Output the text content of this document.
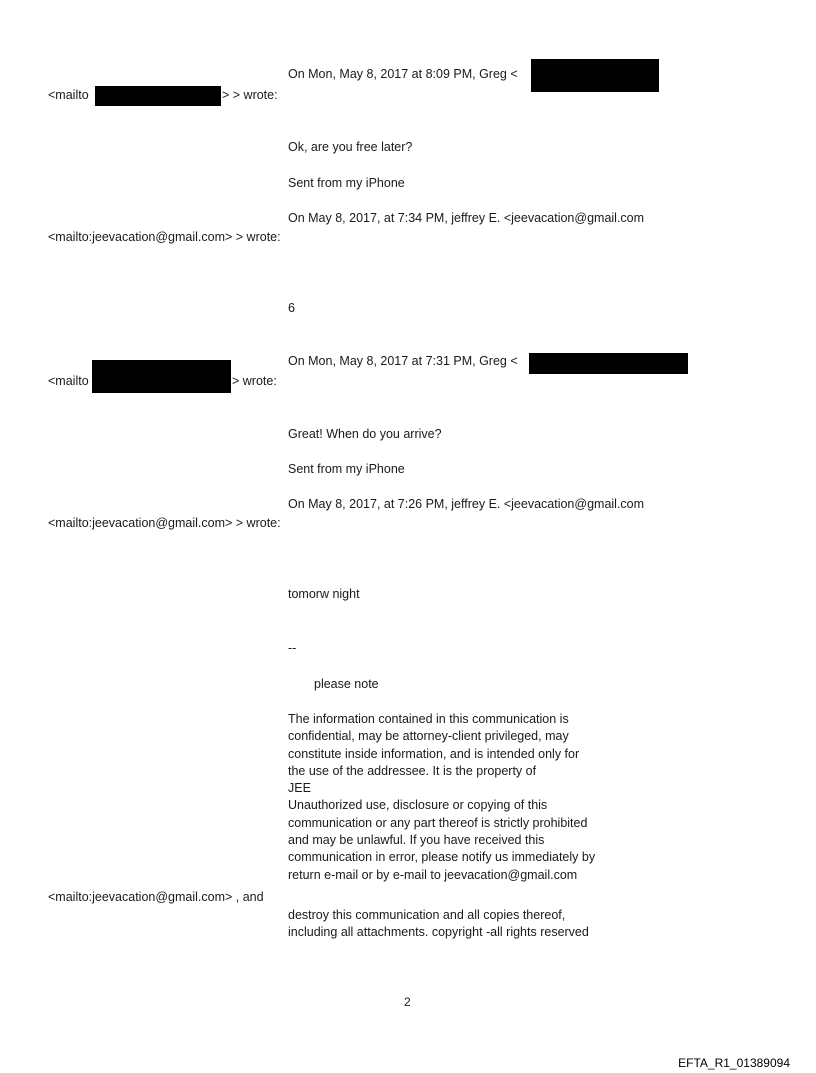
On Mon, May 8, 2017 at 8:09 PM, Greg <
<mailto	> > wrote:
Ok, are you free later?
Sent from my iPhone
On May 8, 2017, at 7:34 PM, jeffrey E. <jeevacation@gmail.com
<mailto:jeevacation@gmail.com> > wrote:
6
On Mon, May 8, 2017 at 7:31 PM, Greg <
<mailto	> wrote:
Great! When do you arrive?
Sent from my iPhone
On May 8, 2017, at 7:26 PM, jeffrey E. <jeevacation@gmail.com
<mailto:jeevacation@gmail.com> > wrote:
tomorw night
--
please note
The information contained in this communication is
confidential, may be attorney-client privileged, may
constitute inside information, and is intended only for
the use of the addressee. It is the property of
JEE
Unauthorized use, disclosure or copying of this
communication or any part thereof is strictly prohibited
and may be unlawful. If you have received this
communication in error, please notify us immediately by
return e-mail or by e-mail to jeevacation@gmail.com
<mailto:jeevacation@gmail.com> , and
destroy this communication and all copies thereof,
including all attachments. copyright -all rights reserved
2
EFTA_R1_01389094
